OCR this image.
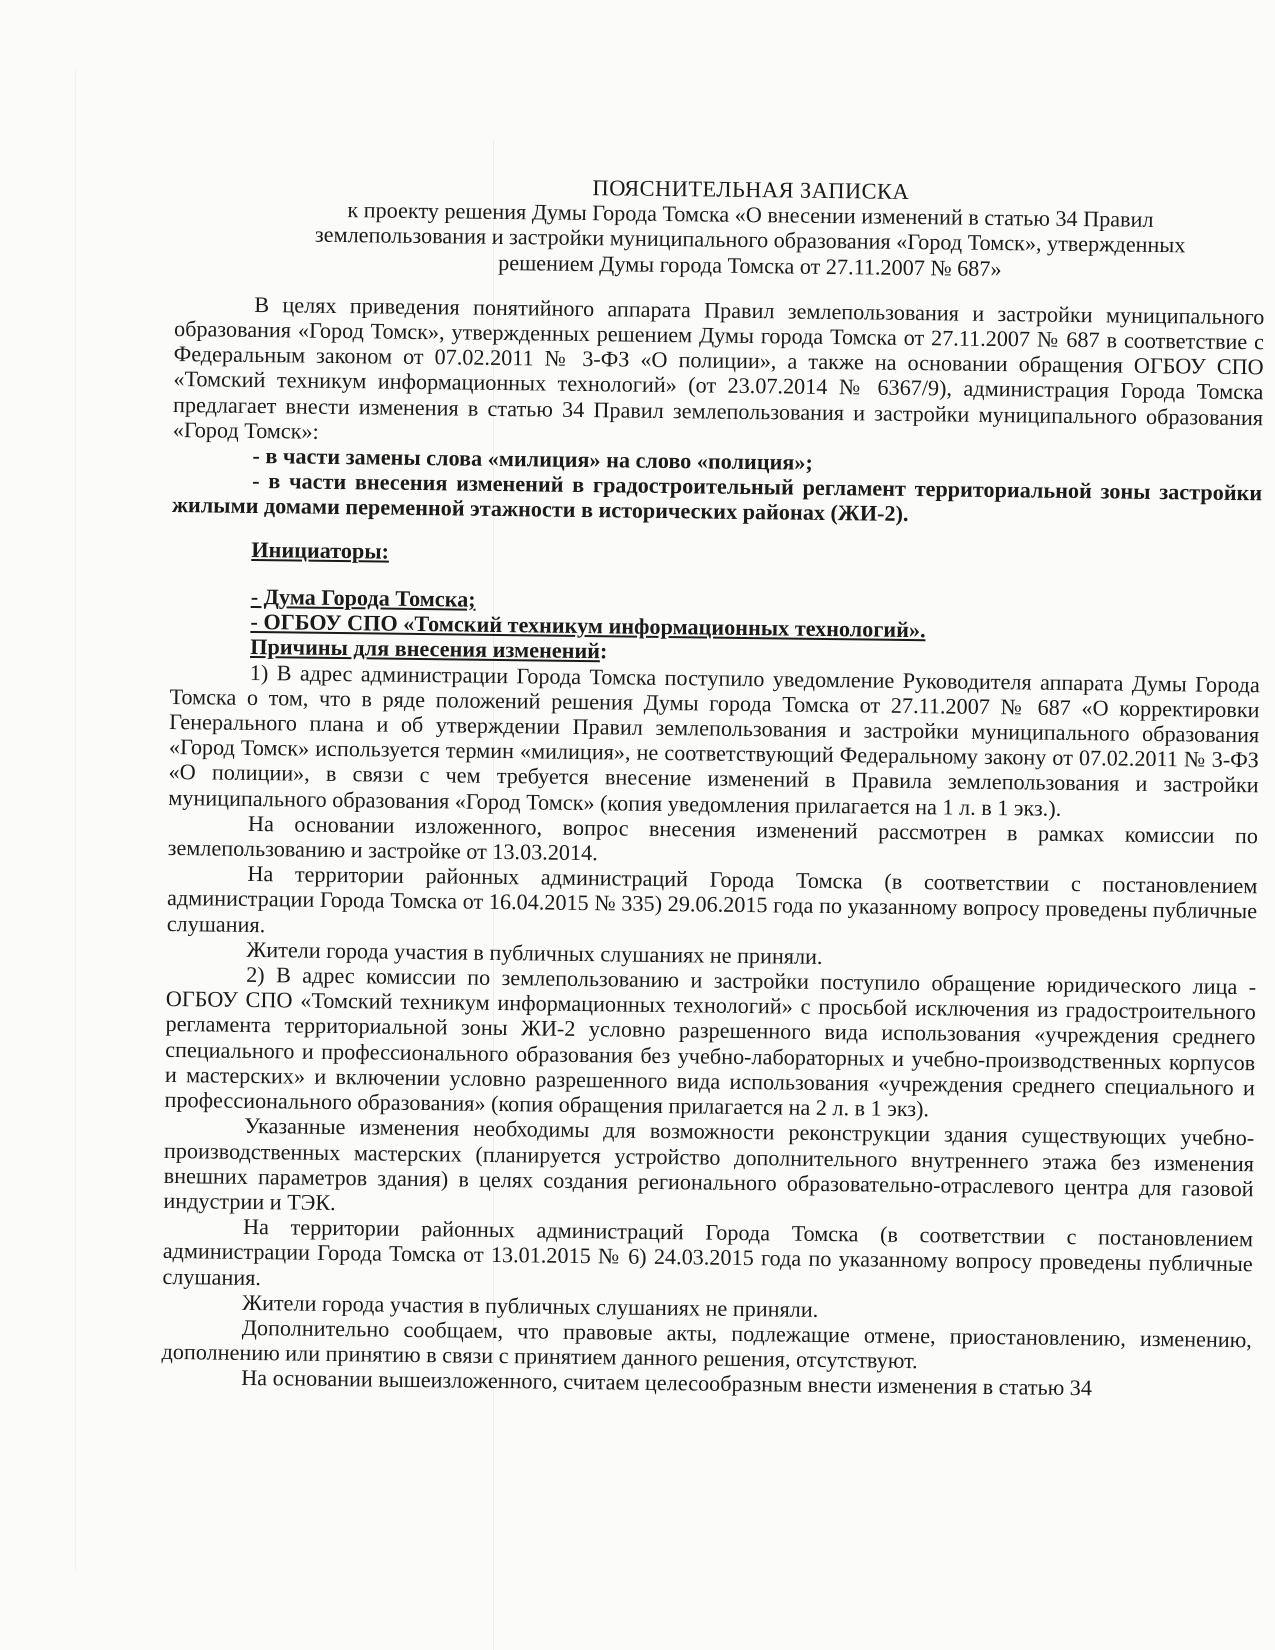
ПОЯСНИТЕЛЬНАЯ ЗАПИСКА

к проекту решения Думы Города Томска «О внесении изменений в статью 34 Правил

землепользования и застройки муниципального образования «Город Томск», утвержденных

решением Думы города Томска от 27.11.2007 № 687»

В целях приведения понятийного аппарата Правил землепользования и застройки муниципального образования «Город Томск», утвержденных решением Думы города Томска от 27.11.2007 № 687 в соответствие с Федеральным законом от 07.02.2011 № 3-ФЗ «О полиции», а также на основании обращения ОГБОУ СПО «Томский техникум информационных технологий» (от 23.07.2014 № 6367/9), администрация Города Томска предлагает внести изменения в статью 34 Правил землепользования и застройки муниципального образования «Город Томск»:

- в части замены слова «милиция» на слово «полиция»;

- в части внесения изменений в градостроительный регламент территориальной зоны застройки жилыми домами переменной этажности в исторических районах (ЖИ-2).

Инициаторы:

- Дума Города Томска;

- ОГБОУ СПО «Томский техникум информационных технологий».

Причины для внесения изменений:

1) В адрес администрации Города Томска поступило уведомление Руководителя аппарата Думы Города Томска о том, что в ряде положений решения Думы города Томска от 27.11.2007 № 687 «О корректировки Генерального плана и об утверждении Правил землепользования и застройки муниципального образования «Город Томск» используется термин «милиция», не соответствующий Федеральному закону от 07.02.2011 № 3-ФЗ «О полиции», в связи с чем требуется внесение изменений в Правила землепользования и застройки муниципального образования «Город Томск» (копия уведомления прилагается на 1 л. в 1 экз.).

На основании изложенного, вопрос внесения изменений рассмотрен в рамках комиссии по землепользованию и застройке от 13.03.2014.

На территории районных администраций Города Томска (в соответствии с постановлением администрации Города Томска от 16.04.2015 № 335) 29.06.2015 года по указанному вопросу проведены публичные слушания.

Жители города участия в публичных слушаниях не приняли.

2) В адрес комиссии по землепользованию и застройки поступило обращение юридического лица - ОГБОУ СПО «Томский техникум информационных технологий» с просьбой исключения из градостроительного регламента территориальной зоны ЖИ-2 условно разрешенного вида использования «учреждения среднего специального и профессионального образования без учебно-лабораторных и учебно-производственных корпусов и мастерских» и включении условно разрешенного вида использования «учреждения среднего специального и профессионального образования» (копия обращения прилагается на 2 л. в 1 экз).

Указанные изменения необходимы для возможности реконструкции здания существующих учебно-производственных мастерских (планируется устройство дополнительного внутреннего этажа без изменения внешних параметров здания) в целях создания регионального образовательно-отраслевого центра для газовой индустрии и ТЭК.

На территории районных администраций Города Томска (в соответствии с постановлением администрации Города Томска от 13.01.2015 № 6) 24.03.2015 года по указанному вопросу проведены публичные слушания.

Жители города участия в публичных слушаниях не приняли.

Дополнительно сообщаем, что правовые акты, подлежащие отмене, приостановлению, изменению, дополнению или принятию в связи с принятием данного решения, отсутствуют.

На основании вышеизложенного, считаем целесообразным внести изменения в статью 34
